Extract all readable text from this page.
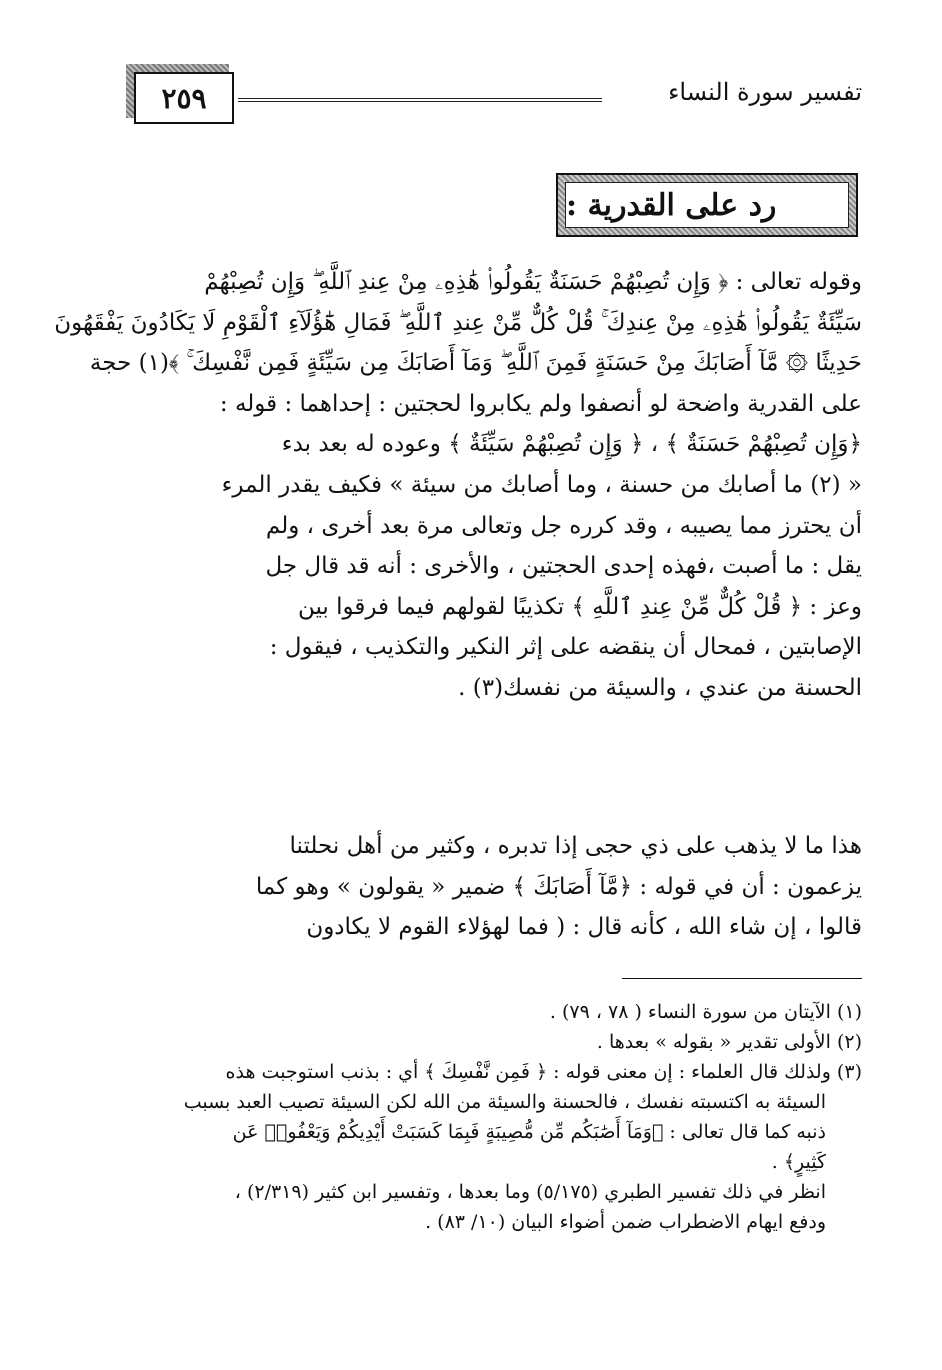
تفسير سورة النساء
٢٥٩
رد على القدرية :
وقوله تعالى : ﴿ وَإِن تُصِبْهُمْ حَسَنَةٌ يَقُولُوا۟ هَٰذِهِۦ مِنْ عِندِ ٱللَّهِ ۖ وَإِن تُصِبْهُمْ
سَيِّئَةٌ يَقُولُوا۟ هَٰذِهِۦ مِنْ عِندِكَ ۚ قُلْ كُلٌّ مِّنْ عِندِ ٱللَّهِ ۖ فَمَالِ هَٰٓؤُلَآءِ ٱلْقَوْمِ لَا يَكَادُونَ يَفْقَهُونَ
حَدِيثًا ۞ مَّآ أَصَابَكَ مِنْ حَسَنَةٍ فَمِنَ ٱللَّهِ ۖ وَمَآ أَصَابَكَ مِن سَيِّئَةٍ فَمِن نَّفْسِكَ ۚ ﴾(١) حجة
على القدرية واضحة لو أنصفوا ولم يكابروا لحجتين : إحداهما : قوله :
﴿وَإِن تُصِبْهُمْ حَسَنَةٌ ﴾ ، ﴿ وَإِن تُصِبْهُمْ سَيِّئَةٌ ﴾ وعوده له بعد بدء
« (٢) ما أصابك من حسنة ، وما أصابك من سيئة » فكيف يقدر المرء
أن يحترز مما يصيبه ، وقد كرره جل وتعالى مرة بعد أخرى ، ولم
يقل : ما أصبت ،فهذه إحدى الحجتين ، والأخرى : أنه قد قال جل
وعز : ﴿ قُلْ كُلٌّ مِّنْ عِندِ ٱللَّهِ ﴾ تكذيبًا لقولهم فيما فرقوا بين
الإصابتين ، فمحال أن ينقضه على إثر النكير والتكذيب ، فيقول :
الحسنة من عندي ، والسيئة من نفسك(٣) .
هذا ما لا يذهب على ذي حجى إذا تدبره ، وكثير من أهل نحلتنا
يزعمون : أن في قوله : ﴿مَّآ أَصَابَكَ ﴾ ضمير « يقولون » وهو كما
قالوا ، إن شاء الله ، كأنه قال : ( فما لهؤلاء القوم لا يكادون
(١) الآيتان من سورة النساء ( ٧٨ ، ٧٩) .
(٢) الأولى تقدير « بقوله » بعدها .
(٣) ولذلك قال العلماء : إن معنى قوله : ﴿ فَمِن نَّفْسِكَ ﴾ أي : بذنب استوجبت هذه
السيئة به اكتسبته نفسك ، فالحسنة والسيئة من الله لكن السيئة تصيب العبد بسبب
ذنبه كما قال تعالى : ﴿وَمَآ أَصَٰبَكُم مِّن مُّصِيبَةٍ فَبِمَا كَسَبَتْ أَيْدِيكُمْ وَيَعْفُوا۟ عَن
كَثِيرٍ﴾ .
انظر في ذلك تفسير الطبري (٥/١٧٥) وما بعدها ، وتفسير ابن كثير (٢/٣١٩) ،
ودفع ايهام الاضطراب ضمن أضواء البيان (١٠/ ٨٣) .
